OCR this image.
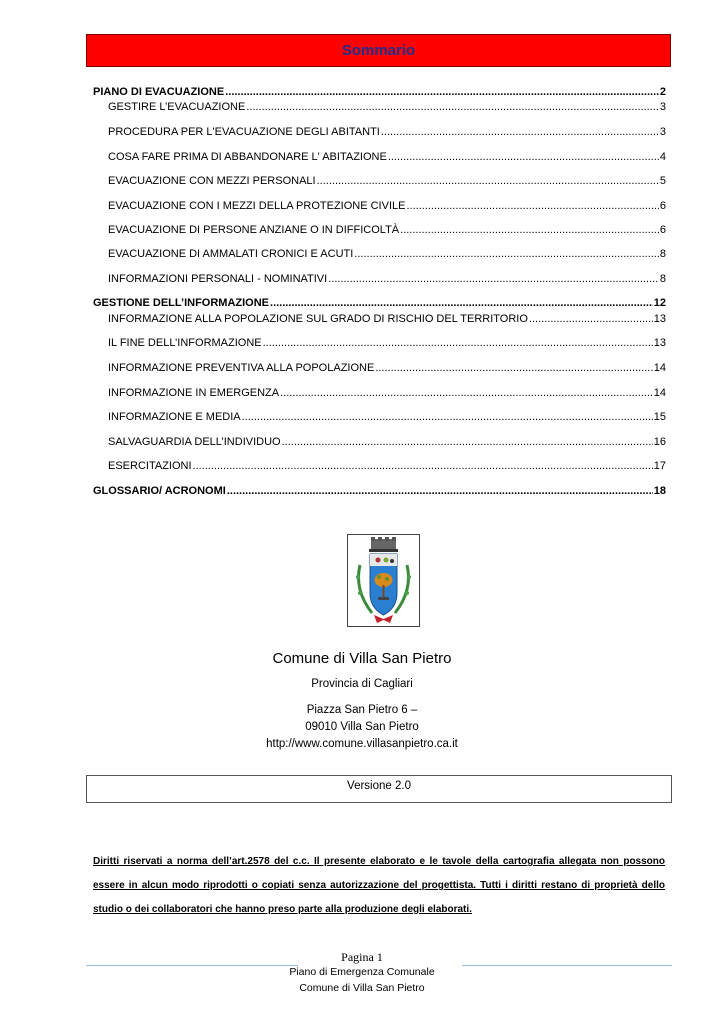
Sommario
PIANO DI EVACUAZIONE .....	2
GESTIRE L’EVACUAZIONE .....	3
PROCEDURA PER L'EVACUAZIONE DEGLI ABITANTI .....	3
COSA FARE PRIMA DI ABBANDONARE L' ABITAZIONE .....	4
EVACUAZIONE CON MEZZI PERSONALI .....	5
EVACUAZIONE CON I MEZZI DELLA PROTEZIONE CIVILE .....	6
EVACUAZIONE DI PERSONE ANZIANE O IN DIFFICOLTÀ .....	6
EVACUAZIONE DI AMMALATI CRONICI E ACUTI .....	8
INFORMAZIONI PERSONALI - NOMINATIVI .....	8
GESTIONE DELL’INFORMAZIONE .....	12
INFORMAZIONE ALLA POPOLAZIONE SUL GRADO DI RISCHIO DEL TERRITORIO .....	13
IL FINE DELL’INFORMAZIONE .....	13
INFORMAZIONE PREVENTIVA ALLA POPOLAZIONE .....	14
INFORMAZIONE IN EMERGENZA .....	14
INFORMAZIONE E MEDIA .....	15
SALVAGUARDIA DELL’INDIVIDUO .....	16
ESERCITAZIONI .....	17
GLOSSARIO/ ACRONOMI .....	18
Comune di Villa San Pietro
Provincia di Cagliari
Piazza San Pietro 6 –
09010 Villa San Pietro
http://www.comune.villasanpietro.ca.it
Versione 2.0
Diritti riservati a norma dell’art.2578 del c.c. Il presente elaborato e le tavole della cartografia allegata non possono essere in alcun modo riprodotti o copiati senza autorizzazione del progettista. Tutti i diritti restano di proprietà dello studio o dei collaboratori che hanno preso parte alla produzione degli elaborati.
Pagina 1
Piano di Emergenza Comunale
Comune di Villa San Pietro
